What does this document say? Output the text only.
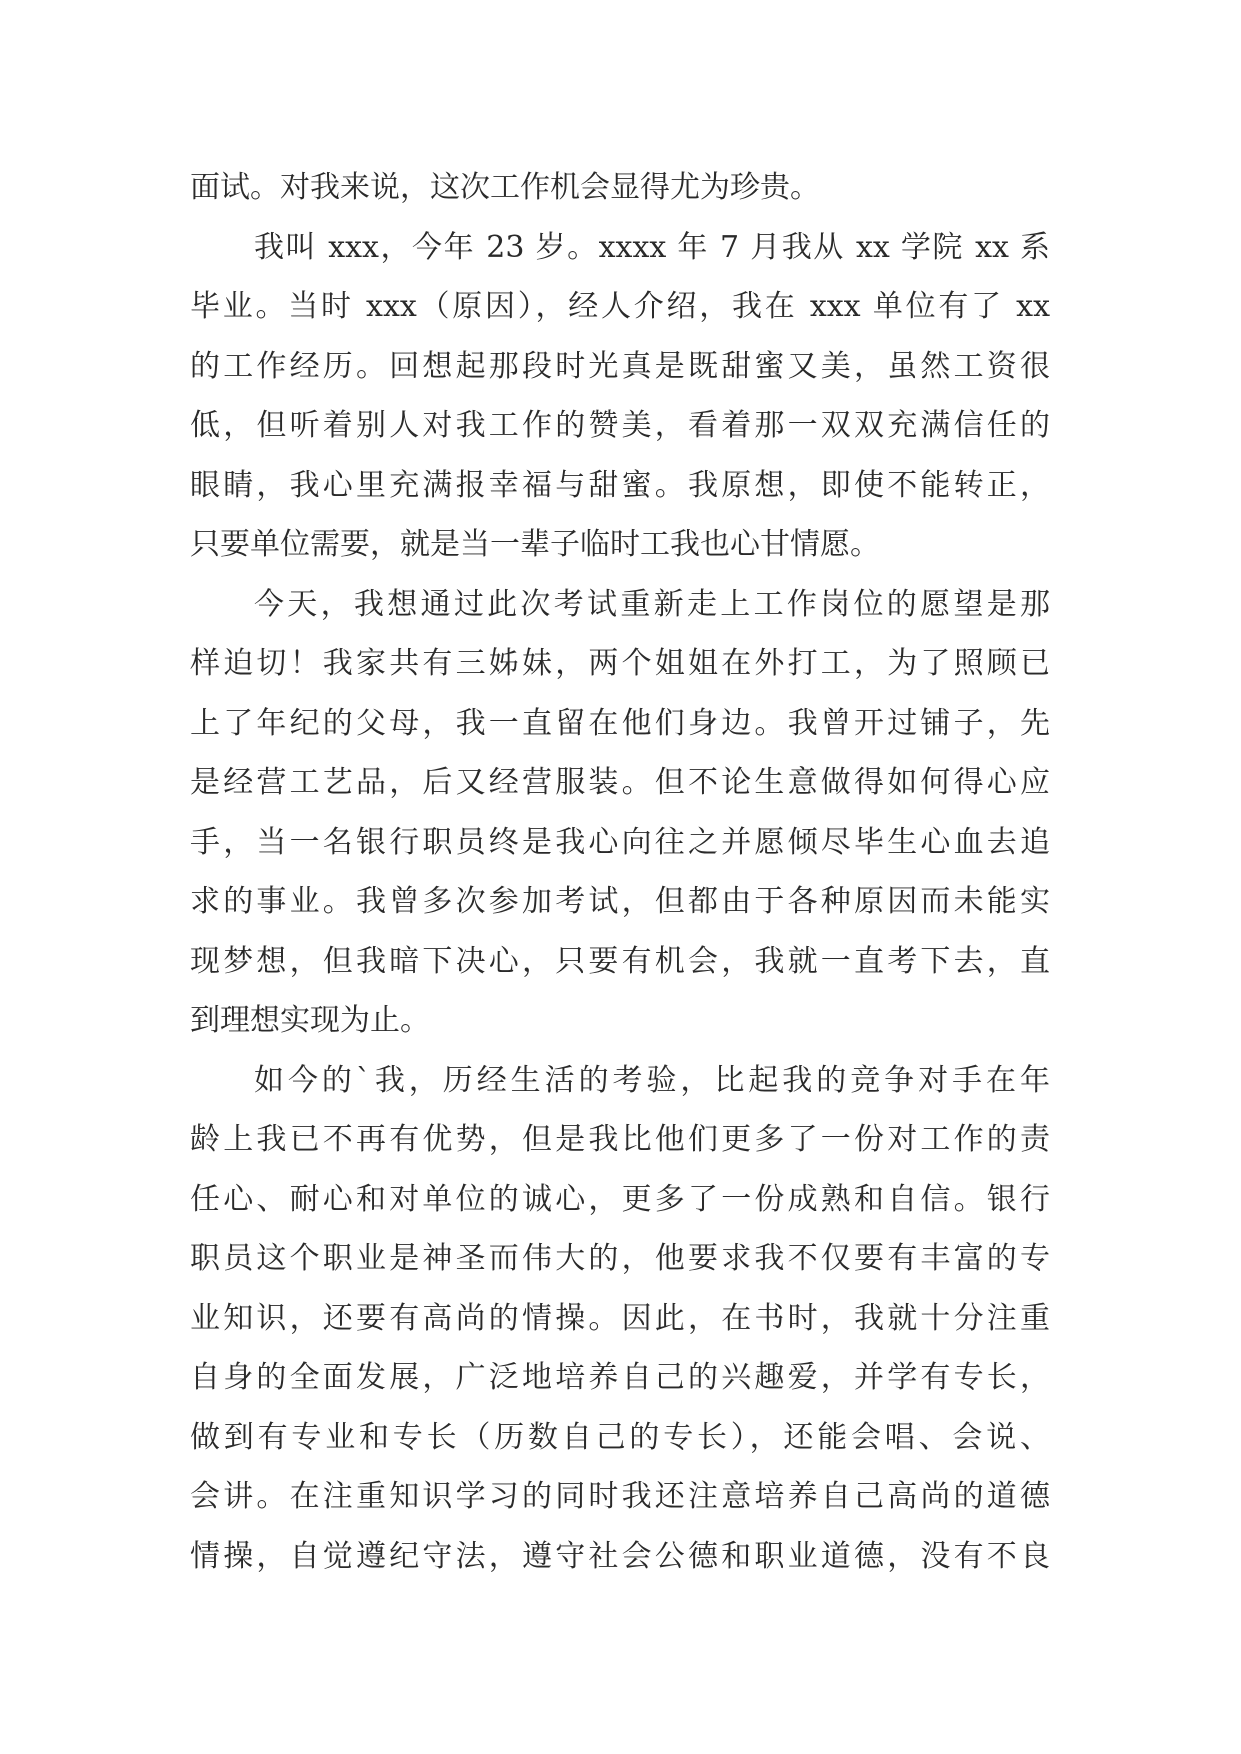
面试。对我来说，这次工作机会显得尤为珍贵。
我叫 xxx，今年 23 岁。xxxx 年 7 月我从 xx 学院 xx 系
毕业。当时 xxx（原因），经人介绍，我在 xxx 单位有了 xx
的工作经历。回想起那段时光真是既甜蜜又美，虽然工资很
低，但听着别人对我工作的赞美，看着那一双双充满信任的
眼睛，我心里充满报幸福与甜蜜。我原想，即使不能转正，
只要单位需要，就是当一辈子临时工我也心甘情愿。
今天，我想通过此次考试重新走上工作岗位的愿望是那
样迫切！我家共有三姊妹，两个姐姐在外打工，为了照顾已
上了年纪的父母，我一直留在他们身边。我曾开过铺子，先
是经营工艺品，后又经营服装。但不论生意做得如何得心应
手，当一名银行职员终是我心向往之并愿倾尽毕生心血去追
求的事业。我曾多次参加考试，但都由于各种原因而未能实
现梦想，但我暗下决心，只要有机会，我就一直考下去，直
到理想实现为止。
如今的`我，历经生活的考验，比起我的竞争对手在年
龄上我已不再有优势，但是我比他们更多了一份对工作的责
任心、耐心和对单位的诚心，更多了一份成熟和自信。银行
职员这个职业是神圣而伟大的，他要求我不仅要有丰富的专
业知识，还要有高尚的情操。因此，在书时，我就十分注重
自身的全面发展，广泛地培养自己的兴趣爱，并学有专长，
做到有专业和专长（历数自己的专长），还能会唱、会说、
会讲。在注重知识学习的同时我还注意培养自己高尚的道德
情操，自觉遵纪守法，遵守社会公德和职业道德，没有不良
